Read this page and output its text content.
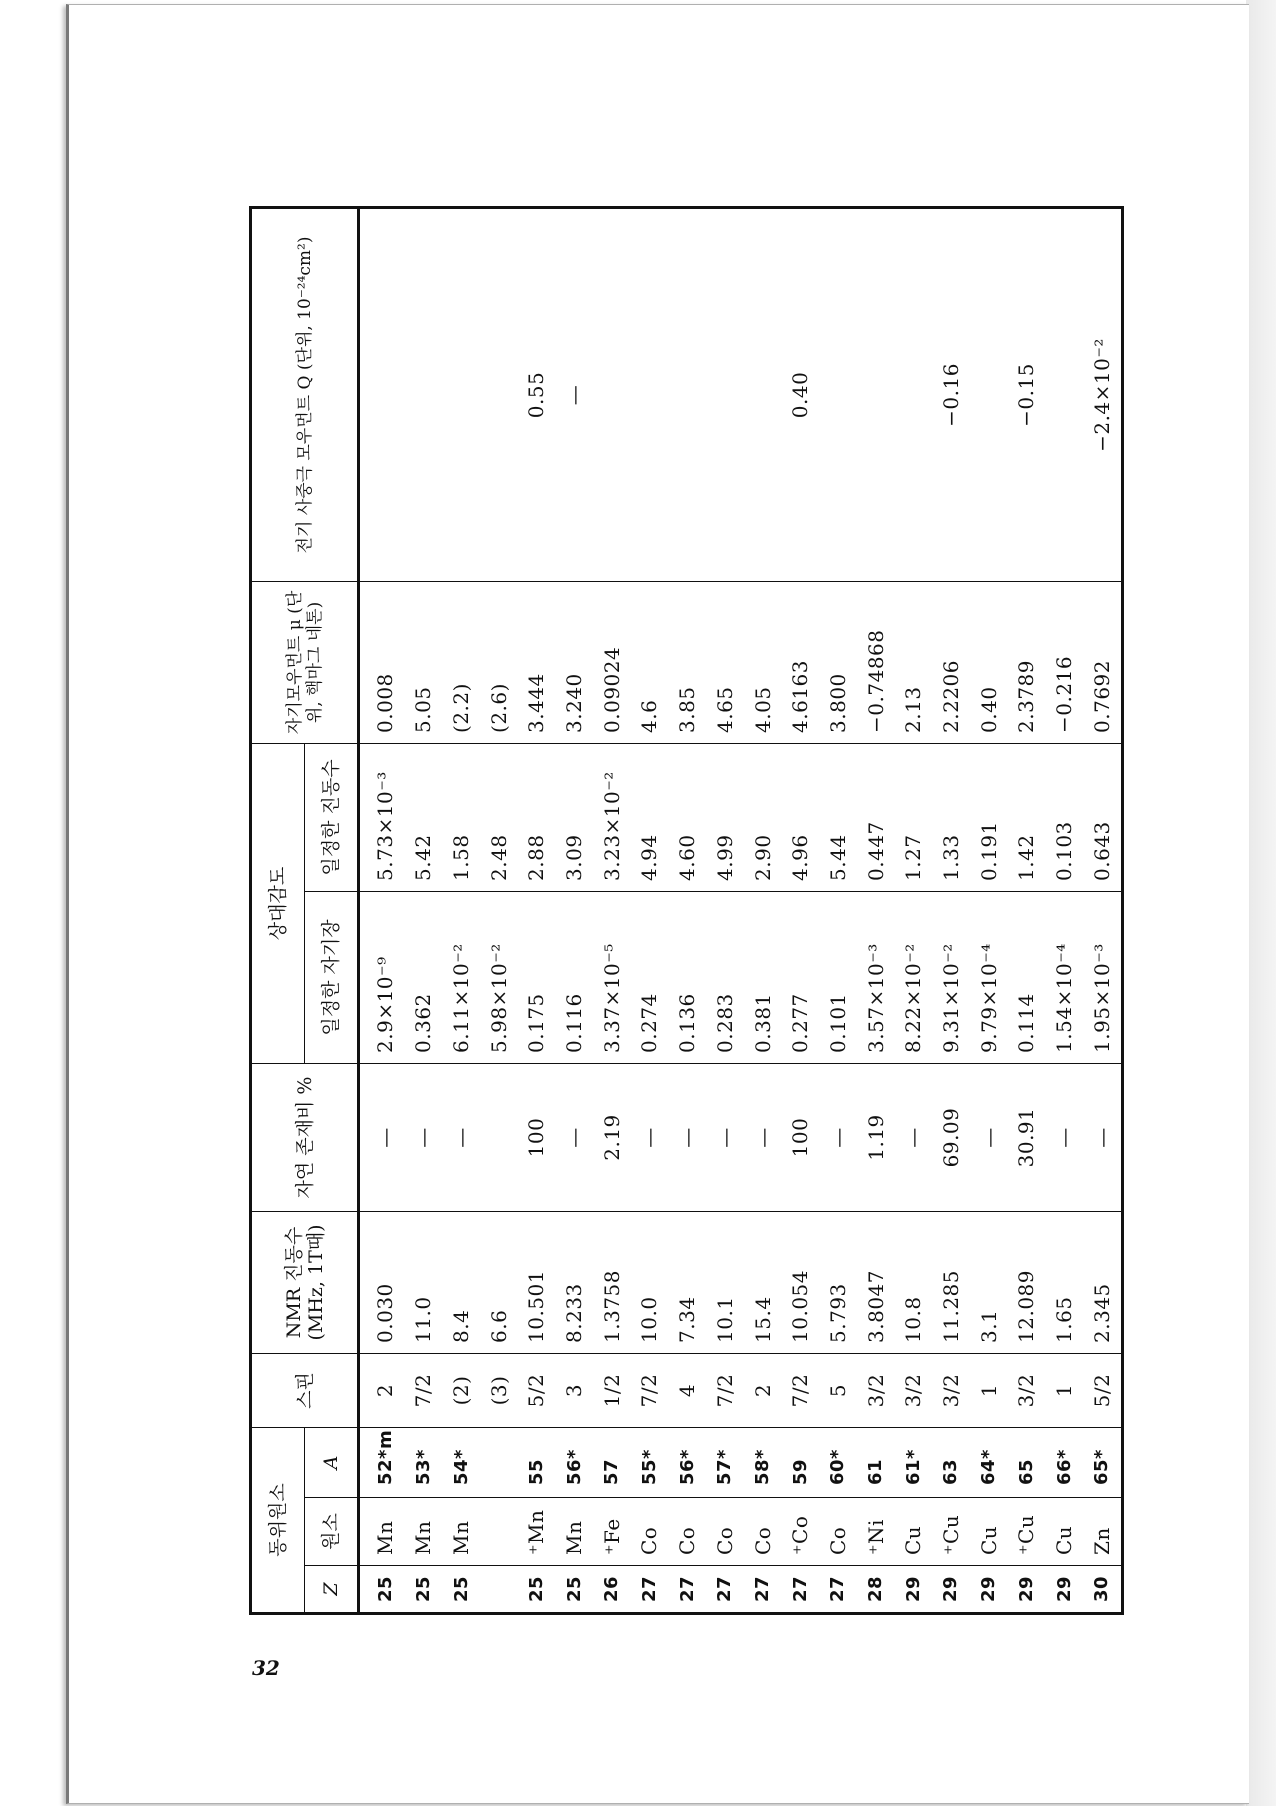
32
동위원소			스핀	NMR 진동수 (MHz, 1T때)	자연 존재비 %	상대감도		자기모우먼트 μ (단위, 핵마그 네톤)	전기 사중극 모우먼트 Q (단위, 10⁻²⁴cm²)
Z	원소	A				일정한 자기장	일정한 진동수		
25	Mn	52*m	2	0.030	—	2.9×10⁻⁹	5.73×10⁻³	0.008	
25	Mn	53*	7/2	11.0	—	0.362	5.42	5.05	
25	Mn	54*	(2)	8.4	—	6.11×10⁻²	1.58	(2.2)	
			(3)	6.6		5.98×10⁻²	2.48	(2.6)	
25	⁺Mn	55	5/2	10.501	100	0.175	2.88	3.444	0.55
25	Mn	56*	3	8.233	—	0.116	3.09	3.240	—
26	⁺Fe	57	1/2	1.3758	2.19	3.37×10⁻⁵	3.23×10⁻²	0.09024	
27	Co	55*	7/2	10.0	—	0.274	4.94	4.6	
27	Co	56*	4	7.34	—	0.136	4.60	3.85	
27	Co	57*	7/2	10.1	—	0.283	4.99	4.65	
27	Co	58*	2	15.4	—	0.381	2.90	4.05	
27	⁺Co	59	7/2	10.054	100	0.277	4.96	4.6163	0.40
27	Co	60*	5	5.793	—	0.101	5.44	3.800	
28	⁺Ni	61	3/2	3.8047	1.19	3.57×10⁻³	0.447	−0.74868	
29	Cu	61*	3/2	10.8	—	8.22×10⁻²	1.27	2.13	
29	⁺Cu	63	3/2	11.285	69.09	9.31×10⁻²	1.33	2.2206	−0.16
29	Cu	64*	1	3.1	—	9.79×10⁻⁴	0.191	0.40	
29	⁺Cu	65	3/2	12.089	30.91	0.114	1.42	2.3789	−0.15
29	Cu	66*	1	1.65	—	1.54×10⁻⁴	0.103	−0.216	
30	Zn	65*	5/2	2.345	—	1.95×10⁻³	0.643	0.7692	−2.4×10⁻²
